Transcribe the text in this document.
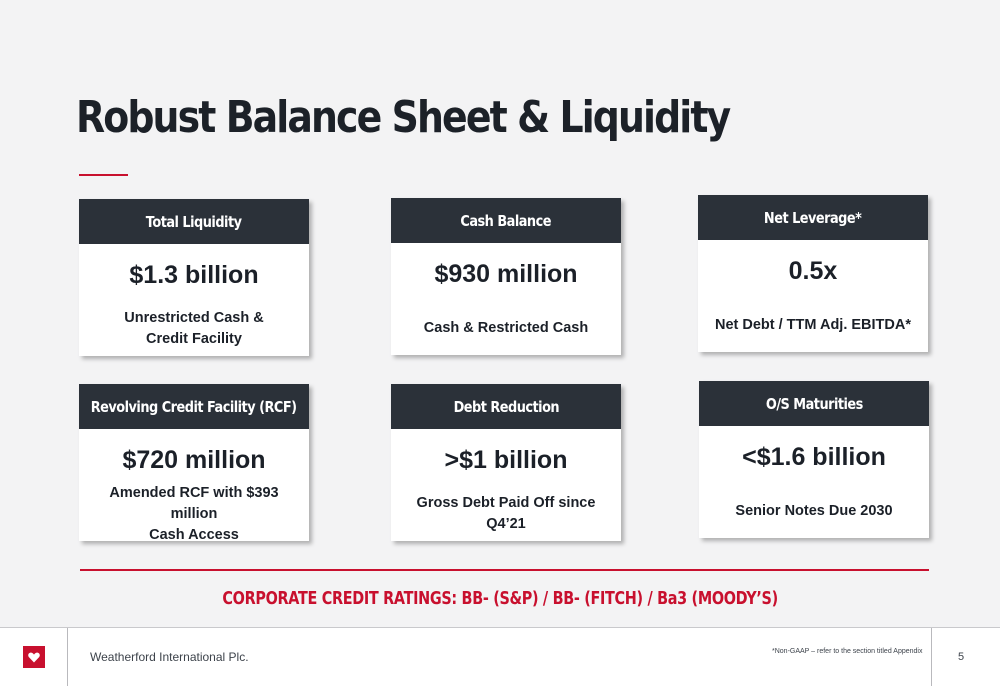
Robust Balance Sheet & Liquidity
Total Liquidity
$1.3 billion
Unrestricted Cash &
Credit Facility
Cash Balance
$930 million
Cash & Restricted Cash
Net Leverage*
0.5x
Net Debt / TTM Adj. EBITDA*
Revolving Credit Facility (RCF)
$720 million
Amended RCF with $393 million
Cash Access
Debt Reduction
>$1 billion
Gross Debt Paid Off since Q4’21
O/S Maturities
<$1.6 billion
Senior Notes Due 2030
CORPORATE CREDIT RATINGS: BB- (S&P) / BB- (FITCH) / Ba3 (MOODY’S)
Weatherford International Plc.	*Non-GAAP – refer to the section titled Appendix	5
